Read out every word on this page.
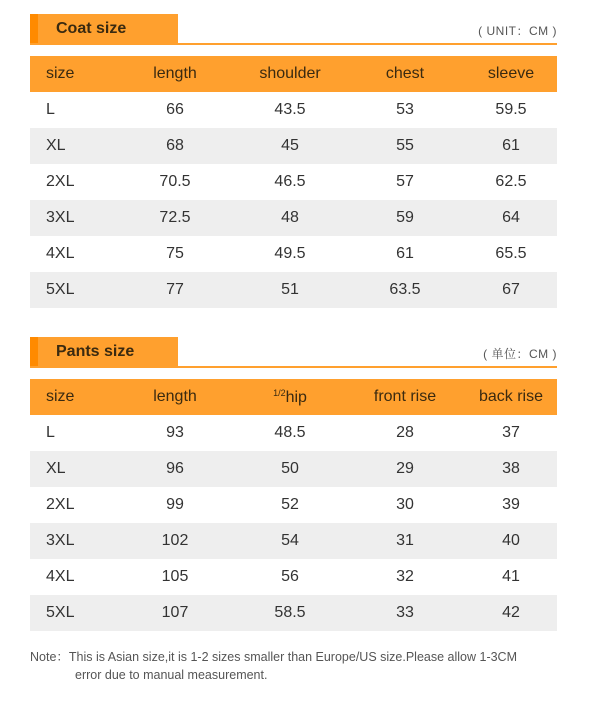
Coat size	( UNIT：CM )
size	length	shoulder	chest	sleeve
L	66	43.5	53	59.5
XL	68	45	55	61
2XL	70.5	46.5	57	62.5
3XL	72.5	48	59	64
4XL	75	49.5	61	65.5
5XL	77	51	63.5	67
Pants size	( 单位：CM )
size	length	$^{1/2}$hip	front rise	back rise
L	93	48.5	28	37
XL	96	50	29	38
2XL	99	52	30	39
3XL	102	54	31	40
4XL	105	56	32	41
5XL	107	58.5	33	42
Note：This is Asian size,it is 1-2 sizes smaller than Europe/US size.Please allow 1-3CM
error due to manual measurement.
